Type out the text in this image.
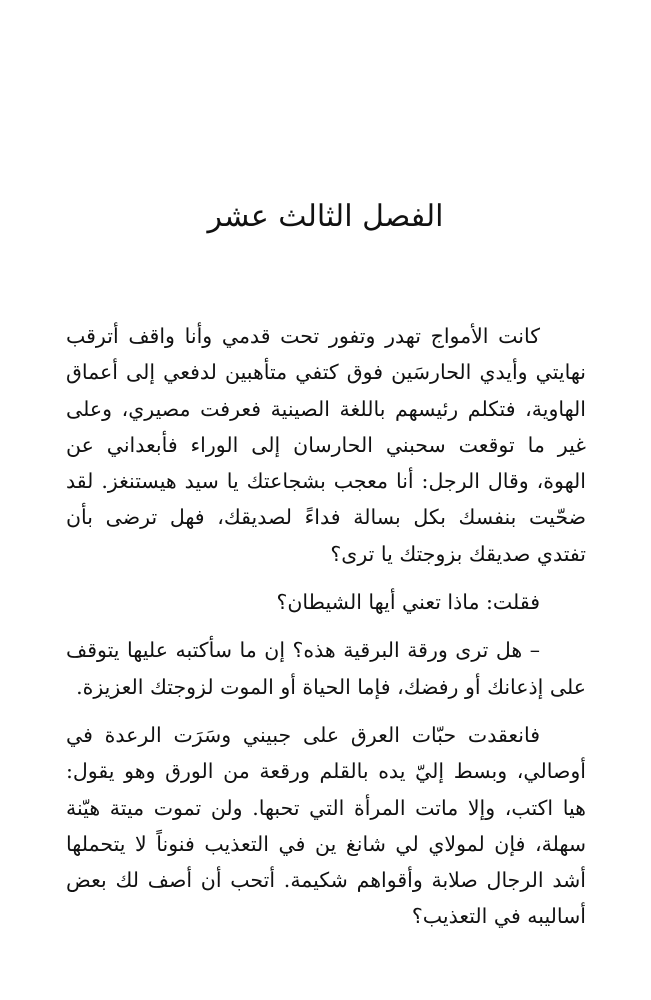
الفصل الثالث عشر

كانت الأمواج تهدر وتفور تحت قدمي وأنا واقف أترقب نهايتي وأيدي الحارسَين فوق كتفي متأهبين لدفعي إلى أعماق الهاوية، فتكلم رئيسهم باللغة الصينية فعرفت مصيري، وعلى غير ما توقعت سحبني الحارسان إلى الوراء فأبعداني عن الهوة، وقال الرجل: أنا معجب بشجاعتك يا سيد هيستنغز. لقد ضحّيت بنفسك بكل بسالة فداءً لصديقك، فهل ترضى بأن تفتدي صديقك بزوجتك يا ترى؟

فقلت: ماذا تعني أيها الشيطان؟

– هل ترى ورقة البرقية هذه؟ إن ما سأكتبه عليها يتوقف على إذعانك أو رفضك، فإما الحياة أو الموت لزوجتك العزيزة.

فانعقدت حبّات العرق على جبيني وسَرَت الرعدة في أوصالي، وبسط إليّ يده بالقلم ورقعة من الورق وهو يقول: هيا اكتب، وإلا ماتت المرأة التي تحبها. ولن تموت ميتة هيّنة سهلة، فإن لمولاي لي شانغ ين في التعذيب فنوناً لا يتحملها أشد الرجال صلابة وأقواهم شكيمة. أتحب أن أصف لك بعض أساليبه في التعذيب؟
